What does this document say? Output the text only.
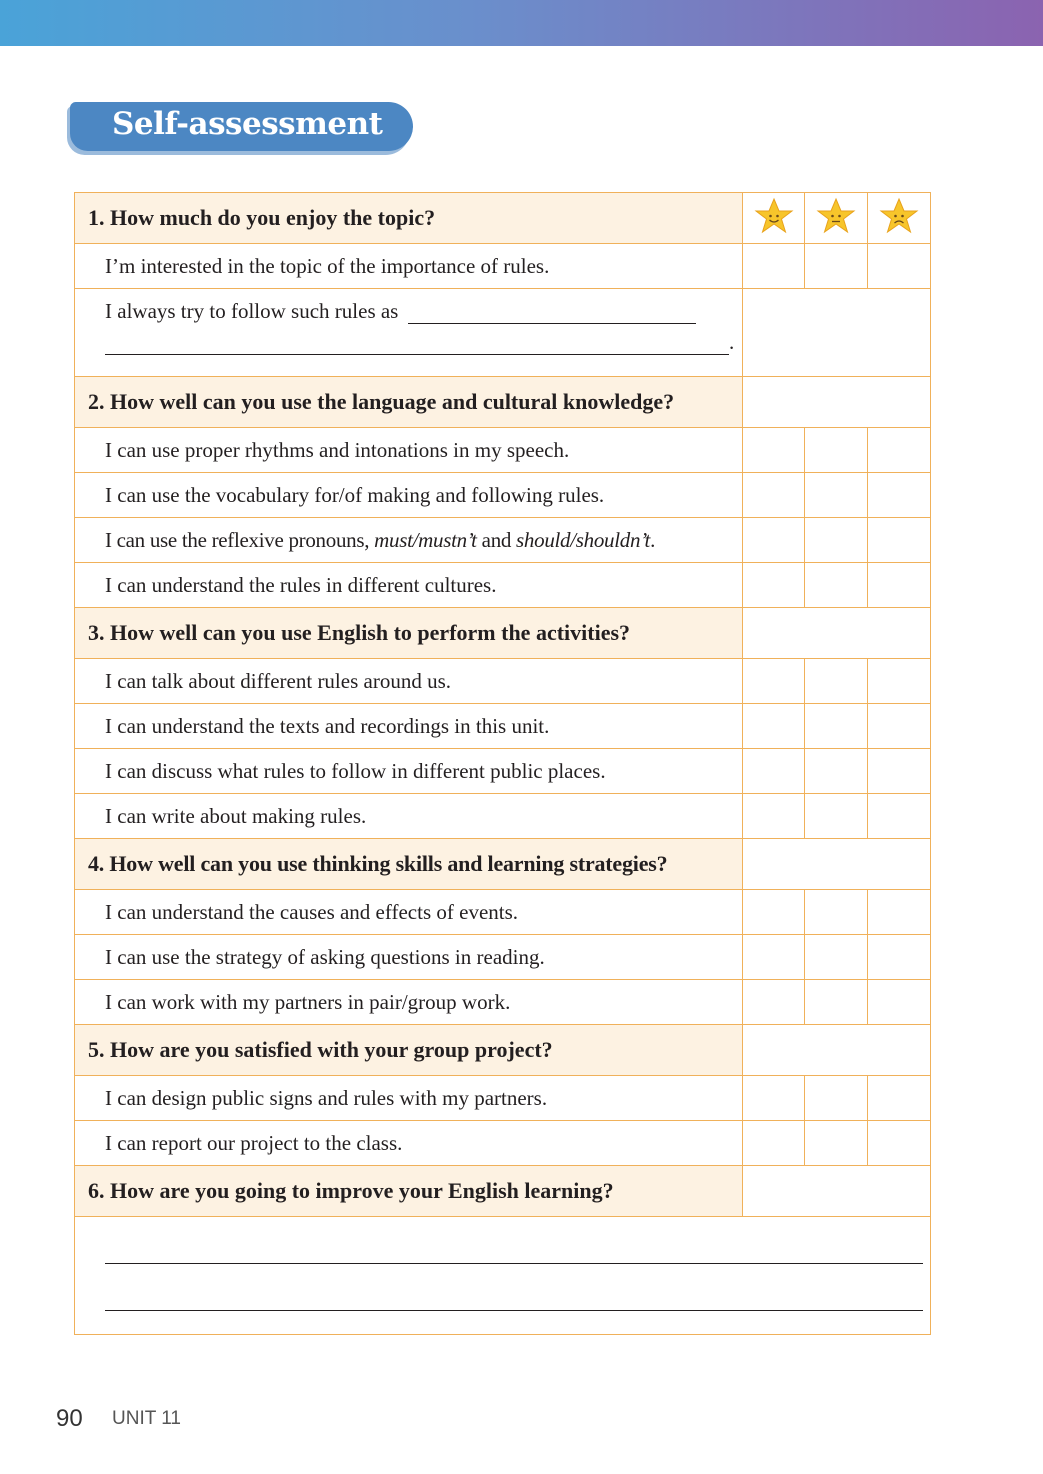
Self-assessment
1. How much do you enjoy the topic?			
I’m interested in the topic of the importance of rules.			

I always try to follow such rules as
.			

2. How well can you use the language and cultural knowledge?			
I can use proper rhythms and intonations in my speech.			
I can use the vocabulary for/of making and following rules.			
I can use the reflexive pronouns, must/mustn’t and should/shouldn’t.			
I can understand the rules in different cultures.			
3. How well can you use English to perform the activities?			
I can talk about different rules around us.			
I can understand the texts and recordings in this unit.			
I can discuss what rules to follow in different public places.			
I can write about making rules.			
4. How well can you use thinking skills and learning strategies?			
I can understand the causes and effects of events.			
I can use the strategy of asking questions in reading.			
I can work with my partners in pair/group work.			
5. How are you satisfied with your group project?			
I can design public signs and rules with my partners.			
I can report our project to the class.			
6. How are you going to improve your English learning?			

90 UNIT 11
